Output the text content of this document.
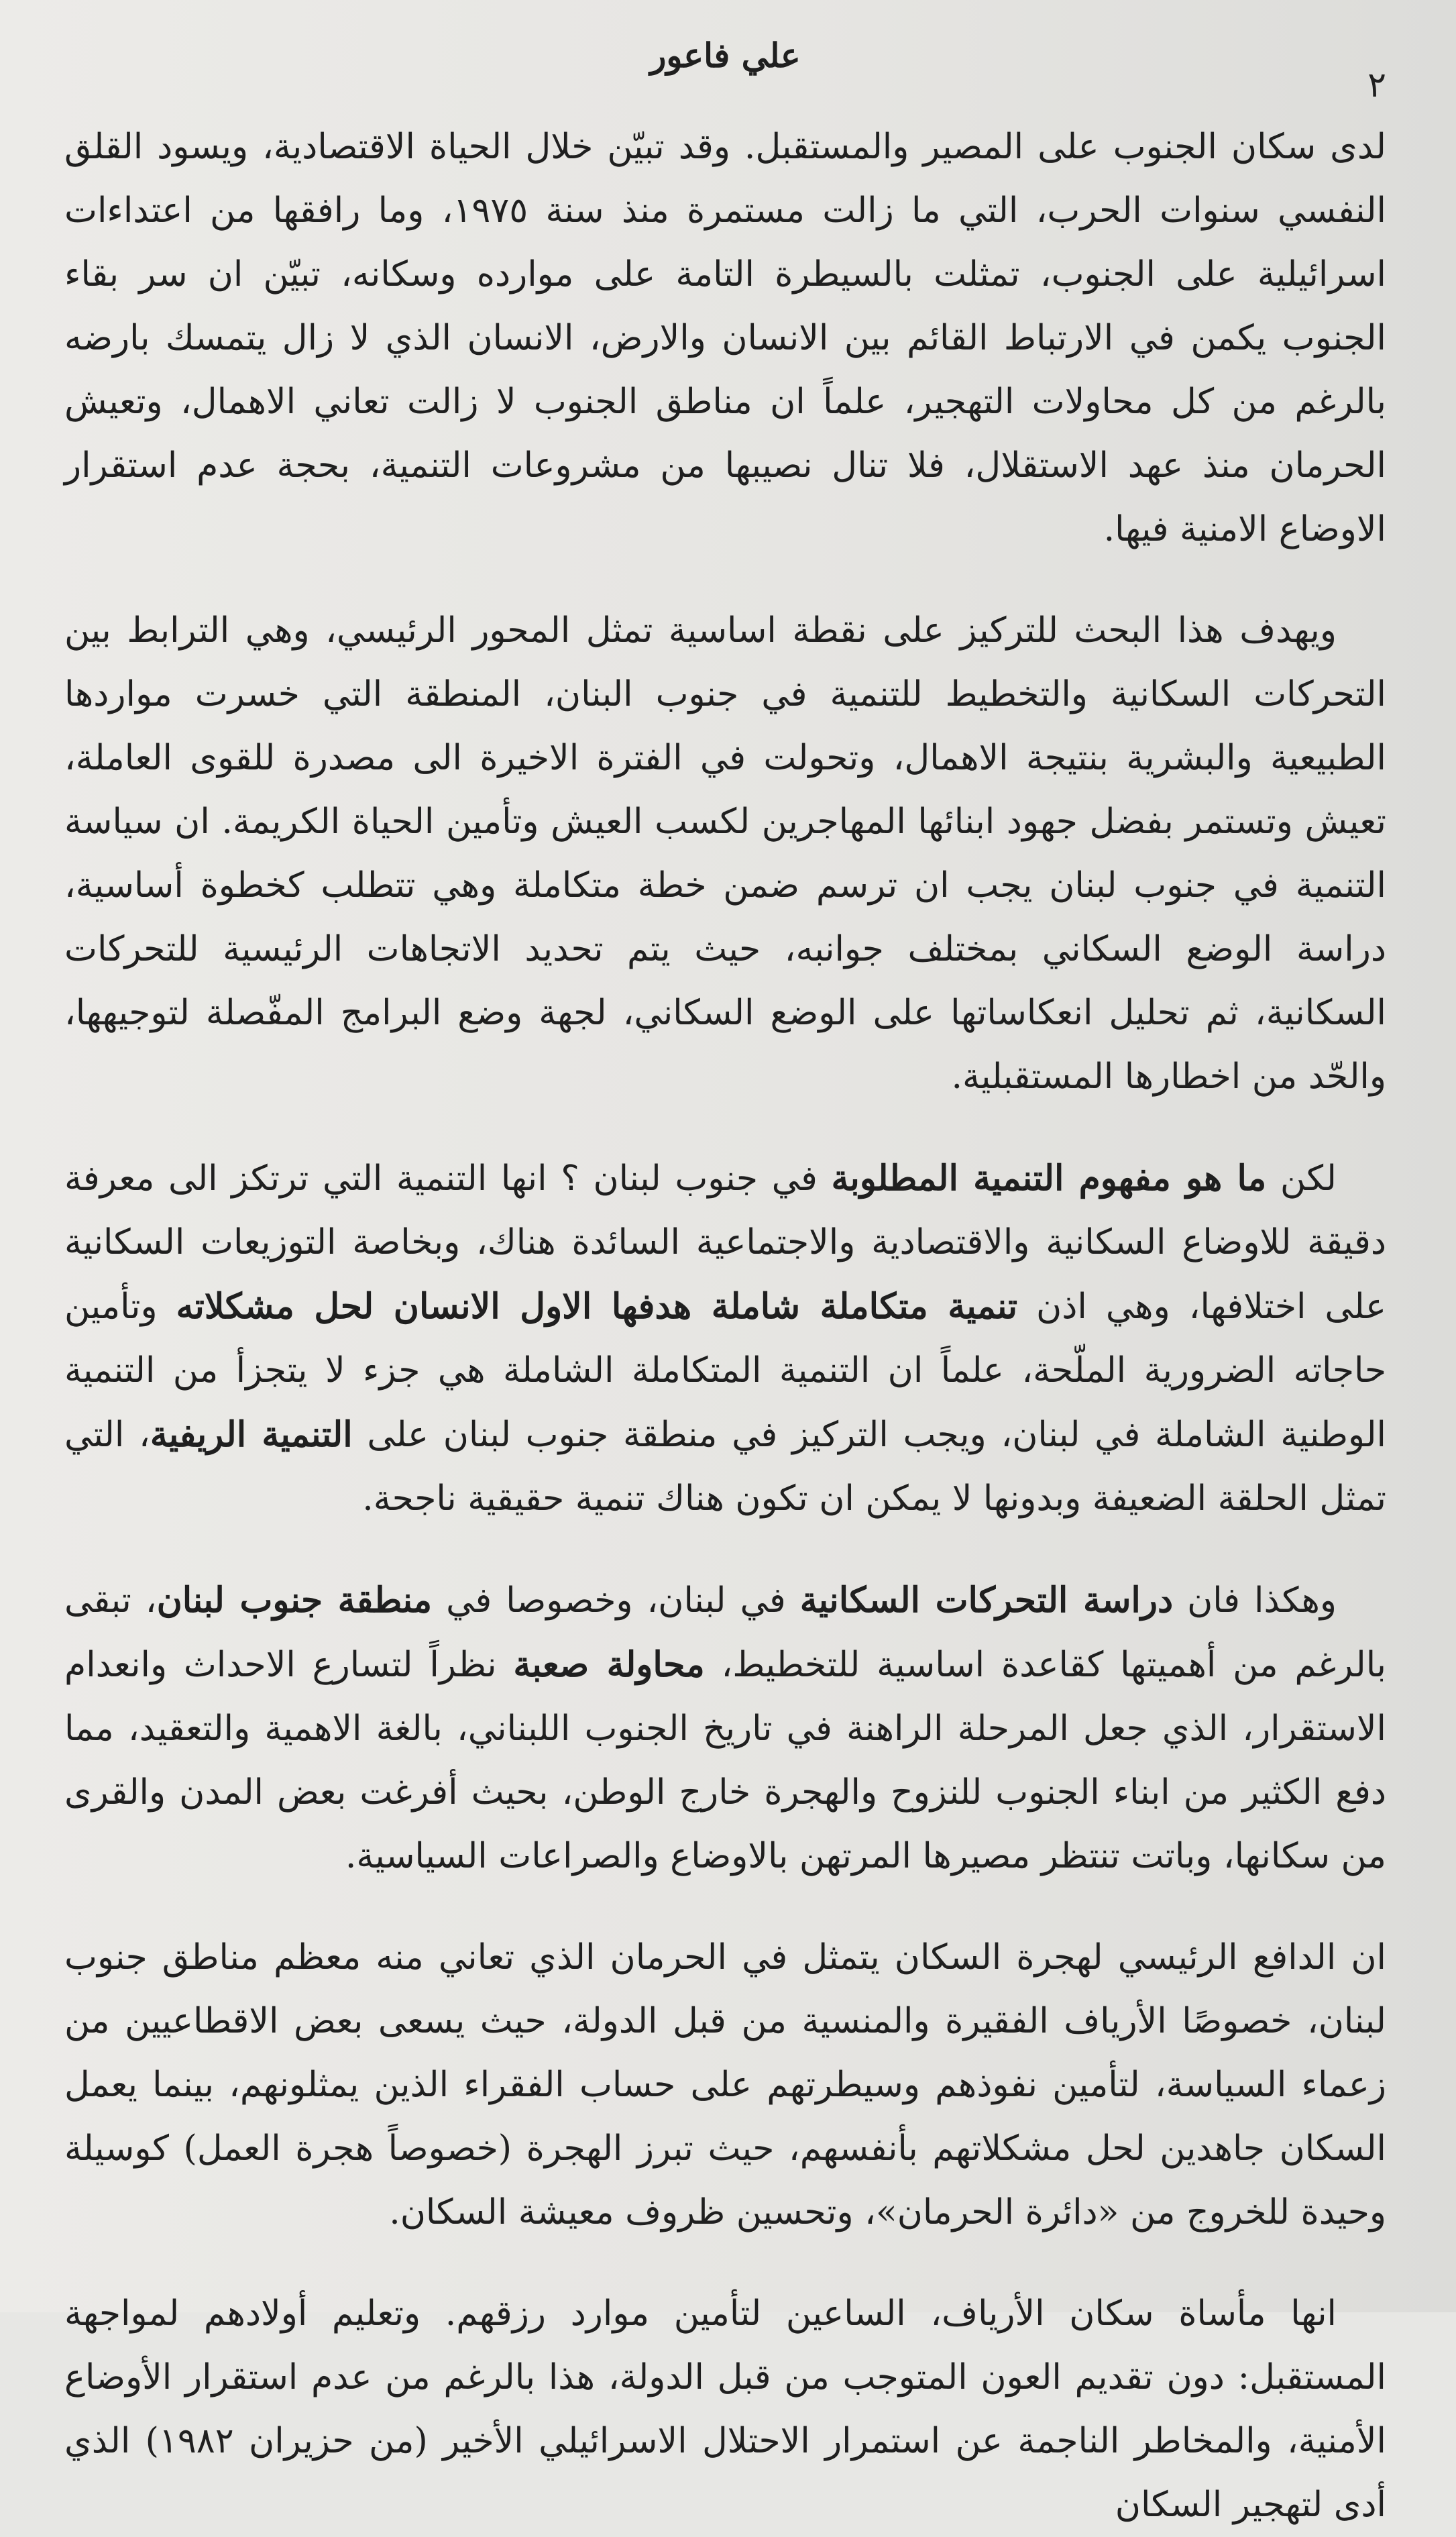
علي فاعور
٢

لدى سكان الجنوب على المصير والمستقبل. وقد تبيّن خلال الحياة الاقتصادية، ويسود القلق النفسي سنوات الحرب، التي ما زالت مستمرة منذ سنة ١٩٧٥، وما رافقها من اعتداءات اسرائيلية على الجنوب، تمثلت بالسيطرة التامة على موارده وسكانه، تبيّن ان سر بقاء الجنوب يكمن في الارتباط القائم بين الانسان والارض، الانسان الذي لا زال يتمسك بارضه بالرغم من كل محاولات التهجير، علماً ان مناطق الجنوب لا زالت تعاني الاهمال، وتعيش الحرمان منذ عهد الاستقلال، فلا تنال نصيبها من مشروعات التنمية، بحجة عدم استقرار الاوضاع الامنية فيها.

ويهدف هذا البحث للتركيز على نقطة اساسية تمثل المحور الرئيسي، وهي الترابط بين التحركات السكانية والتخطيط للتنمية في جنوب البنان، المنطقة التي خسرت مواردها الطبيعية والبشرية بنتيجة الاهمال، وتحولت في الفترة الاخيرة الى مصدرة للقوى العاملة، تعيش وتستمر بفضل جهود ابنائها المهاجرين لكسب العيش وتأمين الحياة الكريمة. ان سياسة التنمية في جنوب لبنان يجب ان ترسم ضمن خطة متكاملة وهي تتطلب كخطوة أساسية، دراسة الوضع السكاني بمختلف جوانبه، حيث يتم تحديد الاتجاهات الرئيسية للتحركات السكانية، ثم تحليل انعكاساتها على الوضع السكاني، لجهة وضع البرامج المفّصلة لتوجيهها، والحّد من اخطارها المستقبلية.

لكن ما هو مفهوم التنمية المطلوبة في جنوب لبنان ؟ انها التنمية التي ترتكز الى معرفة دقيقة للاوضاع السكانية والاقتصادية والاجتماعية السائدة هناك، وبخاصة التوزيعات السكانية على اختلافها، وهي اذن تنمية متكاملة شاملة هدفها الاول الانسان لحل مشكلاته وتأمين حاجاته الضرورية الملّحة، علماً ان التنمية المتكاملة الشاملة هي جزء لا يتجزأ من التنمية الوطنية الشاملة في لبنان، ويجب التركيز في منطقة جنوب لبنان على التنمية الريفية، التي تمثل الحلقة الضعيفة وبدونها لا يمكن ان تكون هناك تنمية حقيقية ناجحة.

وهكذا فان دراسة التحركات السكانية في لبنان، وخصوصا في منطقة جنوب لبنان، تبقى بالرغم من أهميتها كقاعدة اساسية للتخطيط، محاولة صعبة نظراً لتسارع الاحداث وانعدام الاستقرار، الذي جعل المرحلة الراهنة في تاريخ الجنوب اللبناني، بالغة الاهمية والتعقيد، مما دفع الكثير من ابناء الجنوب للنزوح والهجرة خارج الوطن، بحيث أفرغت بعض المدن والقرى من سكانها، وباتت تنتظر مصيرها المرتهن بالاوضاع والصراعات السياسية.

ان الدافع الرئيسي لهجرة السكان يتمثل في الحرمان الذي تعاني منه معظم مناطق جنوب لبنان، خصوصًا الأرياف الفقيرة والمنسية من قبل الدولة، حيث يسعى بعض الاقطاعيين من زعماء السياسة، لتأمين نفوذهم وسيطرتهم على حساب الفقراء الذين يمثلونهم، بينما يعمل السكان جاهدين لحل مشكلاتهم بأنفسهم، حيث تبرز الهجرة (خصوصاً هجرة العمل) كوسيلة وحيدة للخروج من «دائرة الحرمان»، وتحسين ظروف معيشة السكان.

انها مأساة سكان الأرياف، الساعين لتأمين موارد رزقهم. وتعليم أولادهم لمواجهة المستقبل: دون تقديم العون المتوجب من قبل الدولة، هذا بالرغم من عدم استقرار الأوضاع الأمنية، والمخاطر الناجمة عن استمرار الاحتلال الاسرائيلي الأخير (من حزيران ١٩٨٢) الذي أدى لتهجير السكان
